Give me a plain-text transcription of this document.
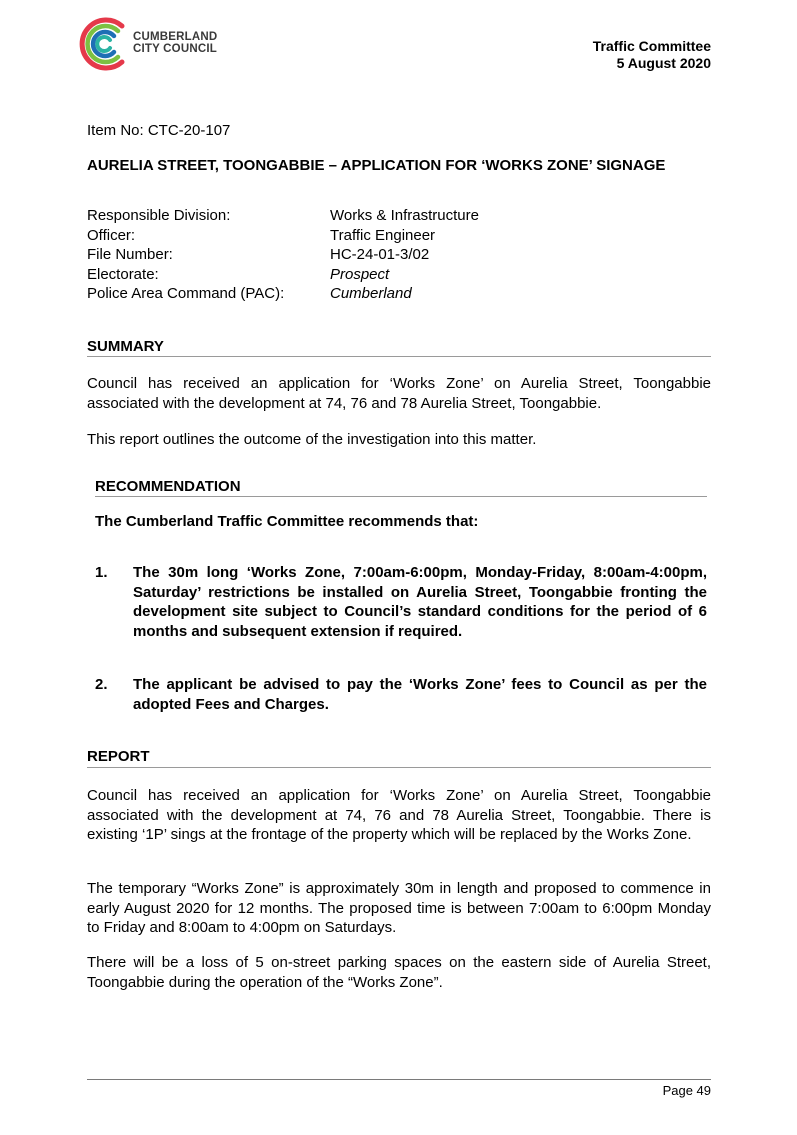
CUMBERLAND
CITY COUNCIL	Traffic Committee
5 August 2020
Item No: CTC-20-107
AURELIA STREET, TOONGABBIE – APPLICATION FOR ‘WORKS ZONE’ SIGNAGE
Responsible Division:	Works & Infrastructure
Officer:	Traffic Engineer
File Number:	HC-24-01-3/02
Electorate:	Prospect
Police Area Command (PAC):	Cumberland
SUMMARY
Council has received an application for ‘Works Zone’ on Aurelia Street, Toongabbie associated with the development at 74, 76 and 78 Aurelia Street, Toongabbie.
This report outlines the outcome of the investigation into this matter.
RECOMMENDATION
The Cumberland Traffic Committee recommends that:
1.	The 30m long ‘Works Zone, 7:00am-6:00pm, Monday-Friday, 8:00am-4:00pm, Saturday’ restrictions be installed on Aurelia Street, Toongabbie fronting the development site subject to Council’s standard conditions for the period of 6 months and subsequent extension if required.
2.	The applicant be advised to pay the ‘Works Zone’ fees to Council as per the adopted Fees and Charges.
REPORT
Council has received an application for ‘Works Zone’ on Aurelia Street, Toongabbie associated with the development at 74, 76 and 78 Aurelia Street, Toongabbie. There is existing ‘1P’ sings at the frontage of the property which will be replaced by the Works Zone.
The temporary “Works Zone” is approximately 30m in length and proposed to commence in early August 2020 for 12 months. The proposed time is between 7:00am to 6:00pm Monday to Friday and 8:00am to 4:00pm on Saturdays.
There will be a loss of 5 on-street parking spaces on the eastern side of Aurelia Street, Toongabbie during the operation of the “Works Zone”.
Page 49
